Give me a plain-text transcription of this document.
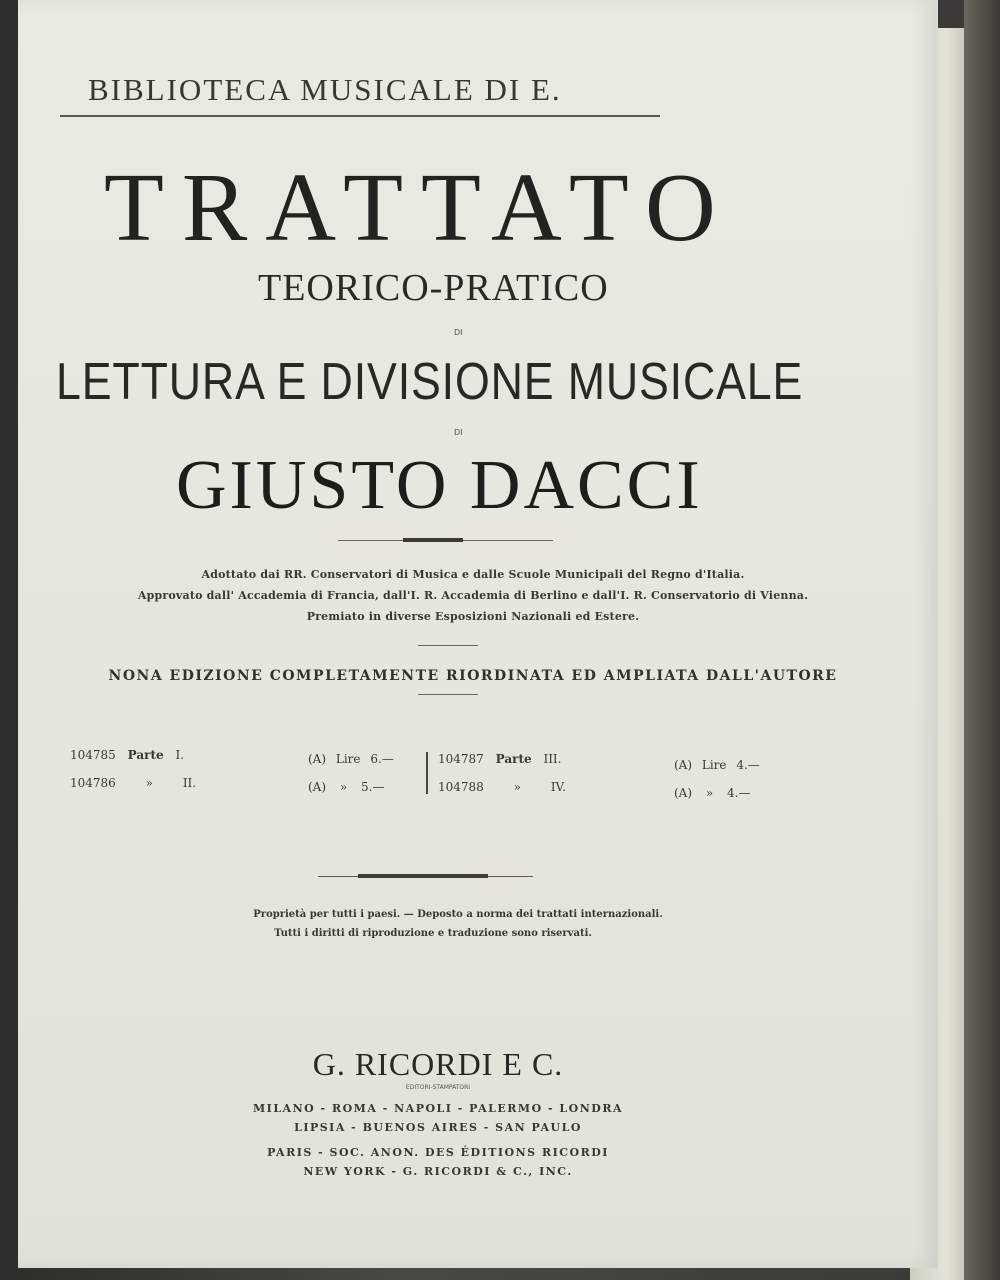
BIBLIOTECA MUSICALE DI E.
TRATTATO
TEORICO-PRATICO
DI
LETTURA E DIVISIONE MUSICALE
DI
GIUSTO DACCI
Adottato dai RR. Conservatori di Musica e dalle Scuole Municipali del Regno d'Italia.
Approvato dall' Accademia di Francia, dall'I. R. Accademia di Berlino e dall'I. R. Conservatorio di Vienna.
Premiato in diverse Esposizioni Nazionali ed Estere.
NONA EDIZIONE COMPLETAMENTE RIORDINATA ED AMPLIATA DALL'AUTORE
104785 Parte I.	(A) Lire 6.—
104786 » II.	(A) » 5.—
104787 Parte III.	(A) Lire 4.—
104788 » IV.	(A) » 4.—
Proprietà per tutti i paesi. — Deposto a norma dei trattati internazionali.
Tutti i diritti di riproduzione e traduzione sono riservati.
G. RICORDI E C.
EDITORI-STAMPATORI
MILANO - ROMA - NAPOLI - PALERMO - LONDRA
LIPSIA - BUENOS AIRES - SAN PAULO
PARIS - SOC. ANON. DES ÉDITIONS RICORDI
NEW YORK - G. RICORDI & C., INC.
